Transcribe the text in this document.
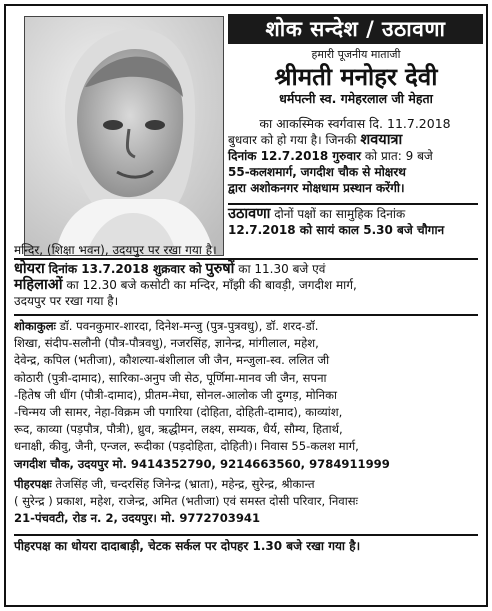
शोक सन्देश / उठावणा
हमारी पूजनीय माताजी
श्रीमती मनोहर देवी
धर्मपत्नी स्व. गमेहरलाल जी मेहता
का आकस्मिक स्वर्गवास दि. 11.7.2018
बुधवार को हो गया है। जिनकी शवयात्रा
दिनांक 12.7.2018 गुरुवार को प्रात: 9 बजे
55-कलशमार्ग, जगदीश चौक से मोक्षरथ
द्वारा अशोकनगर मोक्षधाम प्रस्थान करेंगी।
उठावणा दोनों पक्षों का सामुहिक दिनांक
12.7.2018 को सायं काल 5.30 बजे चौगान
मन्दिर, (शिक्षा भवन), उदयपुर पर रखा गया है।
धोयरा दिनांक 13.7.2018 शुक्रवार को पुरुषों का 11.30 बजे एवं
महिलाओं का 12.30 बजे कसोटी का मन्दिर, माँझी की बावड़ी, जगदीश मार्ग,
उदयपुर पर रखा गया है।
शोकाकुलः डॉ. पवनकुमार-शारदा, दिनेश-मन्जु (पुत्र-पुत्रवधु), डॉ. शरद-डॉ.
शिखा, संदीप-सलौनी (पौत्र-पौत्रवधु), नजरसिंह, ज्ञानेन्द्र, मांगीलाल, महेश,
देवेन्द्र, कपिल (भतीजा), कौशल्या-बंशीलाल जी जैन, मन्जुला-स्व. ललित जी
कोठारी (पुत्री-दामाद), सारिका-अनुप जी सेठ, पूर्णिमा-मानव जी जैन, सपना
-हितेष जी धींग (पौत्री-दामाद), प्रीतम-मेघा, सोनल-आलोक जी दुग्गड़, मोनिका
-चिन्मय जी सामर, नेहा-विक्रम जी पगारिया (दोहिता, दोहिती-दामाद), काव्यांश,
रूद, काव्या (पड़पौत्र, पौत्री), ध्रुव, ऋद्धीमन, लक्ष्य, सम्यक, धैर्य, सौम्य, हितार्थ,
धनाक्षी, कीवु, जैनी, एन्जल, रूदीका (पड़दोहिता, दोहिती)। निवास 55-कलश मार्ग,
जगदीश चौक, उदयपुर मो. 9414352790, 9214663560, 9784911999
पीहरपक्षः तेजसिंह जी, चन्दरसिंह जिनेन्द्र (भ्राता), महेन्द्र, सुरेन्द्र, श्रीकान्त
( सुरेन्द्र ) प्रकाश, महेश, राजेन्द्र, अमित (भतीजा) एवं समस्त दोसी परिवार, निवासः
21-पंचवटी, रोड न. 2, उदयपुर। मो. 9772703941
पीहरपक्ष का धोयरा दादाबाड़ी, चेटक सर्कल पर दोपहर 1.30 बजे रखा गया है।
